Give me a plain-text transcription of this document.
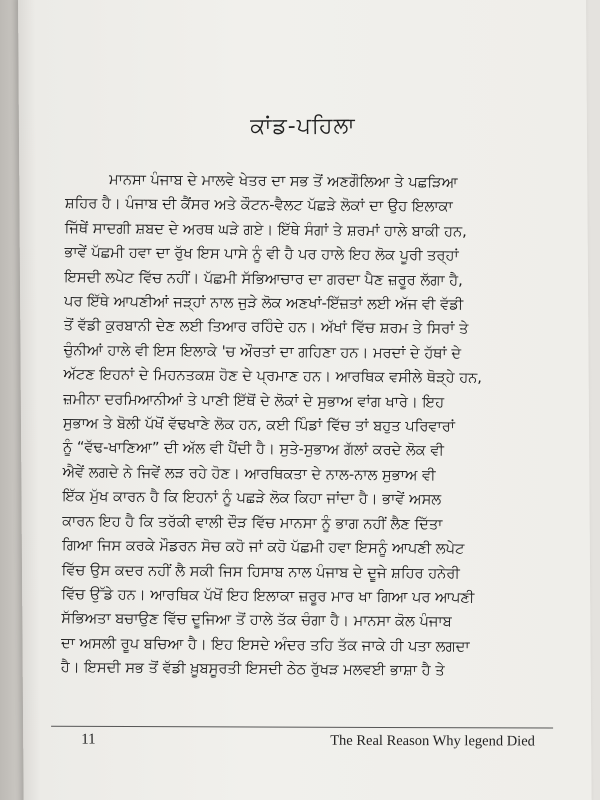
ਕਾਂਡ-ਪਹਿਲਾ
ਮਾਨਸਾ ਪੰਜਾਬ ਦੇ ਮਾਲਵੇ ਖੇਤਰ ਦਾ ਸਭ ਤੋਂ ਅਣਗੌਲਿਆ ਤੇ ਪਛੜਿਆ
ਸ਼ਹਿਰ ਹੈ। ਪੰਜਾਬ ਦੀ ਕੈਂਸਰ ਅਤੇ ਕੌਟਨ-ਵੈਲਟ ਪੱਛੜੇ ਲੋਕਾਂ ਦਾ ਉਹ ਇਲਾਕਾ
ਜਿੱਥੇਂ ਸਾਦਗੀ ਸ਼ਬਦ ਦੇ ਅਰਥ ਘੜੇ ਗਏ। ਇੱਥੇ ਸੰਗਾਂ ਤੇ ਸ਼ਰਮਾਂ ਹਾਲੇ ਬਾਕੀ ਹਨ,
ਭਾਵੇਂ ਪੱਛਮੀ ਹਵਾ ਦਾ ਰੁੱਖ ਇਸ ਪਾਸੇ ਨੂੰ ਵੀ ਹੈ ਪਰ ਹਾਲੇ ਇਹ ਲੋਕ ਪੂਰੀ ਤਰ੍ਹਾਂ
ਇਸਦੀ ਲਪੇਟ ਵਿੱਚ ਨਹੀਂ। ਪੱਛਮੀ ਸੱਭਿਆਚਾਰ ਦਾ ਗਰਦਾ ਪੈਣ ਜ਼ਰੂਰ ਲੱਗਾ ਹੈ,
ਪਰ ਇੱਥੇ ਆਪਣੀਆਂ ਜੜ੍ਹਾਂ ਨਾਲ ਜੁੜੇ ਲੋਕ ਅਣਖਾਂ-ਇੱਜ਼ਤਾਂ ਲਈ ਅੱਜ ਵੀ ਵੱਡੀ
ਤੋਂ ਵੱਡੀ ਕੁਰਬਾਨੀ ਦੇਣ ਲਈ ਤਿਆਰ ਰਹਿੰਦੇ ਹਨ। ਅੱਖਾਂ ਵਿੱਚ ਸ਼ਰਮ ਤੇ ਸਿਰਾਂ ਤੇ
ਚੁੰਨੀਆਂ ਹਾਲੇ ਵੀ ਇਸ ਇਲਾਕੇ 'ਚ ਔਰਤਾਂ ਦਾ ਗਹਿਣਾ ਹਨ। ਮਰਦਾਂ ਦੇ ਹੱਥਾਂ ਦੇ
ਅੱਟਣ ਇਹਨਾਂ ਦੇ ਮਿਹਨਤਕਸ਼ ਹੋਣ ਦੇ ਪ੍ਰਮਾਣ ਹਨ। ਆਰਥਿਕ ਵਸੀਲੇ ਥੋੜ੍ਹੇ ਹਨ,
ਜ਼ਮੀਨਾ ਦਰਮਿਆਨੀਆਂ ਤੇ ਪਾਣੀ ਇੱਥੋਂ ਦੇ ਲੋਕਾਂ ਦੇ ਸੁਭਾਅ ਵਾਂਗ ਖਾਰੇ। ਇਹ
ਸੁਭਾਅ ਤੇ ਬੋਲੀ ਪੱਖੋਂ ਵੱਢਖਾਣੇ ਲੋਕ ਹਨ, ਕਈ ਪਿੰਡਾਂ ਵਿੱਚ ਤਾਂ ਬਹੁਤ ਪਰਿਵਾਰਾਂ
ਨੂੰ “ਵੱਢ-ਖਾਣਿਆ” ਦੀ ਅੱਲ ਵੀ ਪੈਂਦੀ ਹੈ। ਸੁਤੇ-ਸੁਭਾਅ ਗੱਲਾਂ ਕਰਦੇ ਲੋਕ ਵੀ
ਐਵੇਂ ਲਗਦੇ ਨੇ ਜਿਵੇਂ ਲੜ ਰਹੇ ਹੋਣ। ਆਰਥਿਕਤਾ ਦੇ ਨਾਲ-ਨਾਲ ਸੁਭਾਅ ਵੀ
ਇੱਕ ਮੁੱਖ ਕਾਰਨ ਹੈ ਕਿ ਇਹਨਾਂ ਨੂੰ ਪਛੜੇ ਲੋਕ ਕਿਹਾ ਜਾਂਦਾ ਹੈ। ਭਾਵੇਂ ਅਸਲ
ਕਾਰਨ ਇਹ ਹੈ ਕਿ ਤਰੱਕੀ ਵਾਲੀ ਦੌੜ ਵਿੱਚ ਮਾਨਸਾ ਨੂੰ ਭਾਗ ਨਹੀਂ ਲੈਣ ਦਿੱਤਾ
ਗਿਆ ਜਿਸ ਕਰਕੇ ਮੌਡਰਨ ਸੋਚ ਕਹੋ ਜਾਂ ਕਹੋ ਪੱਛਮੀ ਹਵਾ ਇਸਨੂੰ ਆਪਣੀ ਲਪੇਟ
ਵਿੱਚ ਉਸ ਕਦਰ ਨਹੀਂ ਲੈ ਸਕੀ ਜਿਸ ਹਿਸਾਬ ਨਾਲ ਪੰਜਾਬ ਦੇ ਦੂਜੇ ਸ਼ਹਿਰ ਹਨੇਰੀ
ਵਿੱਚ ਉੱਡੇ ਹਨ। ਆਰਥਿਕ ਪੱਖੋਂ ਇਹ ਇਲਾਕਾ ਜ਼ਰੂਰ ਮਾਰ ਖਾ ਗਿਆ ਪਰ ਆਪਣੀ
ਸੱਭਿਅਤਾ ਬਚਾਉਣ ਵਿੱਚ ਦੂਜਿਆ ਤੋਂ ਹਾਲੇ ਤੱਕ ਚੰਗਾ ਹੈ। ਮਾਨਸਾ ਕੋਲ ਪੰਜਾਬ
ਦਾ ਅਸਲੀ ਰੂਪ ਬਚਿਆ ਹੈ। ਇਹ ਇਸਦੇ ਅੰਦਰ ਤਹਿ ਤੱਕ ਜਾਕੇ ਹੀ ਪਤਾ ਲਗਦਾ
ਹੈ। ਇਸਦੀ ਸਭ ਤੋਂ ਵੱਡੀ ਖ਼ੂਬਸੂਰਤੀ ਇਸਦੀ ਠੇਠ ਰੁੱਖੜ ਮਲਵਈ ਭਾਸ਼ਾ ਹੈ ਤੇ
11	The Real Reason Why legend Died
